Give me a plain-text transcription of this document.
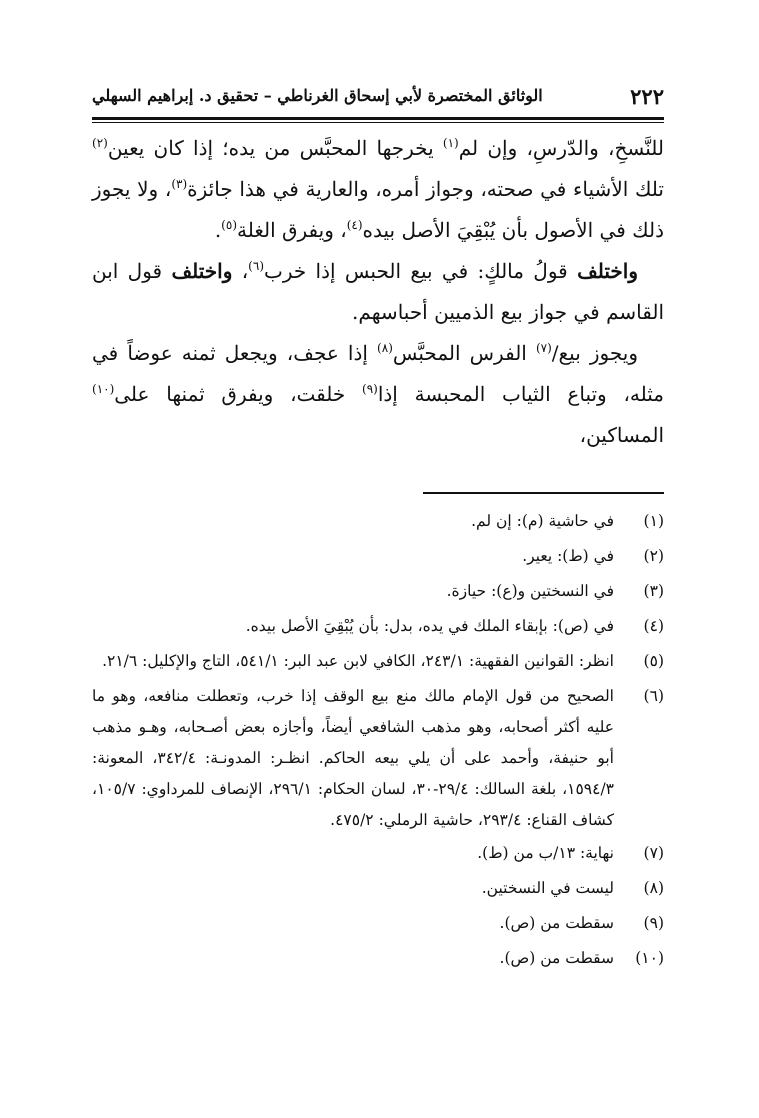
٢٢٢
الوثائق المختصرة لأبي إسحاق الغرناطي – تحقيق د. إبراهيم السهلي

للنَّسخِ، والدّرسِ، وإن لم$^{(١)}$ يخرجها المحبَّس من يده؛ إذا كان يعين$^{(٢)}$ تلك الأشياء في صحته، وجواز أمره، والعارية في هذا جائزة$^{(٣)}$، ولا يجوز ذلك في الأصول بأن يُبْقِيَ الأصل بيده$^{(٤)}$، ويفرق الغلة$^{(٥)}$.

واختلف قولُ مالكٍ: في بيع الحبس إذا خرب$^{(٦)}$، واختلف قول ابن القاسم في جواز بيع الذميين أحباسهم.

ويجوز بيع/$^{(٧)}$ الفرس المحبَّس$^{(٨)}$ إذا عجف، ويجعل ثمنه عوضاً في مثله، وتباع الثياب المحبسة إذا$^{(٩)}$ خلقت، ويفرق ثمنها على$^{(١٠)}$ المساكين،

(١)
في حاشية (م): إن لم.
(٢)
في (ط): يعير.
(٣)
في النسختين و(ع): حيازة.
(٤)
في (ص): بإبقاء الملك في يده، بدل: بأن يُبْقِيَ الأصل بيده.
(٥)
انظر: القوانين الفقهية: ٢٤٣/١، الكافي لابن عبد البر: ٥٤١/١، التاج والإكليل: ٢١/٦.
(٦)
الصحيح من قول الإمام مالك منع بيع الوقف إذا خرب، وتعطلت منافعه، وهو ما عليه أكثر أصحابه، وهو مذهب الشافعي أيضاً، وأجازه بعض أصـحابه، وهـو مذهب أبو حنيفة، وأحمد على أن يلي بيعه الحاكم. انظـر: المدونـة: ٣٤٢/٤، المعونة: ١٥٩٤/٣، بلغة السالك: ٢٩/٤-٣٠، لسان الحكام: ٢٩٦/١، الإنصاف للمرداوي: ١٠٥/٧، كشاف القناع: ٢٩٣/٤، حاشية الرملي: ٤٧٥/٢.
(٧)
نهاية: ١٣/ب من (ط).
(٨)
ليست في النسختين.
(٩)
سقطت من (ص).
(١٠)
سقطت من (ص).
